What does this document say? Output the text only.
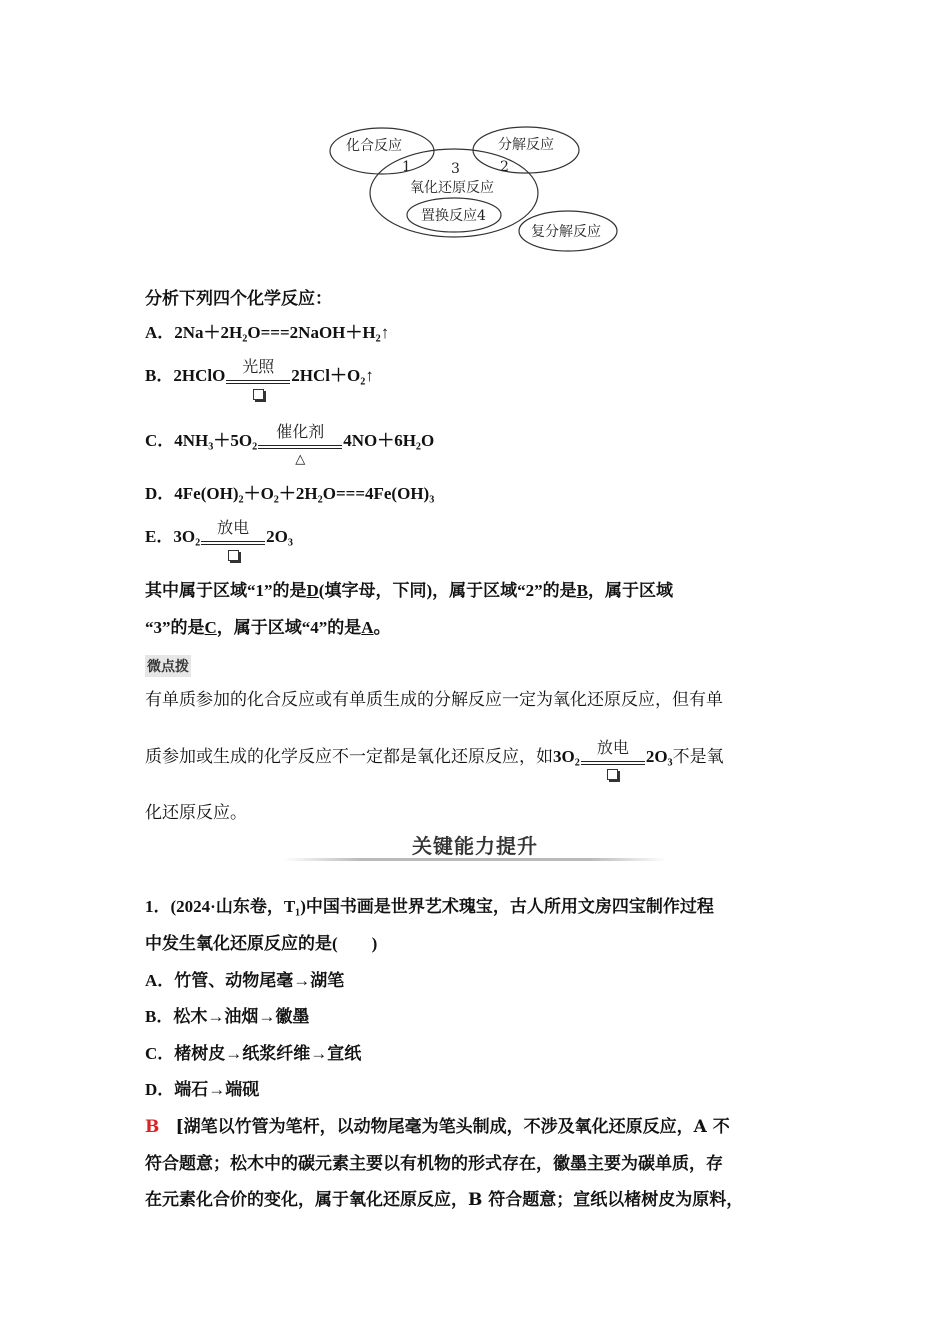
化合反应	分解反应
1	3	2
氧化还原反应
置换反应4
复分解反应
分析下列四个化学反应：
A．2Na＋2H₂O===2NaOH＋H₂↑
B．2HClO	光照	2HCl＋O₂↑
C．4NH₃＋5O₂	催化剂
△
4NO＋6H₂O
D．4Fe(OH)₂＋O₂＋2H₂O===4Fe(OH)₃
E．3O₂	放电	2O₃
其中属于区域“1”的是D(填字母，下同)，属于区域“2”的是B，属于区域
“3”的是C，属于区域“4”的是A。
微点拨
有单质参加的化合反应或有单质生成的分解反应一定为氧化还原反应，但有单
质参加或生成的化学反应不一定都是氧化还原反应，如3O₂	放电	2O₃不是氧
化还原反应。
关键能力提升
1．(2024·山东卷，T₁)中国书画是世界艺术瑰宝，古人所用文房四宝制作过程
中发生氧化还原反应的是(　　)
A．竹管、动物尾毫→湖笔
B．松木→油烟→徽墨
C．楮树皮→纸浆纤维→宣纸
D．端石→端砚
B [湖笔以竹管为笔杆，以动物尾毫为笔头制成，不涉及氧化还原反应，A 不
符合题意；松木中的碳元素主要以有机物的形式存在，徽墨主要为碳单质，存
在元素化合价的变化，属于氧化还原反应，B 符合题意；宣纸以楮树皮为原料，
